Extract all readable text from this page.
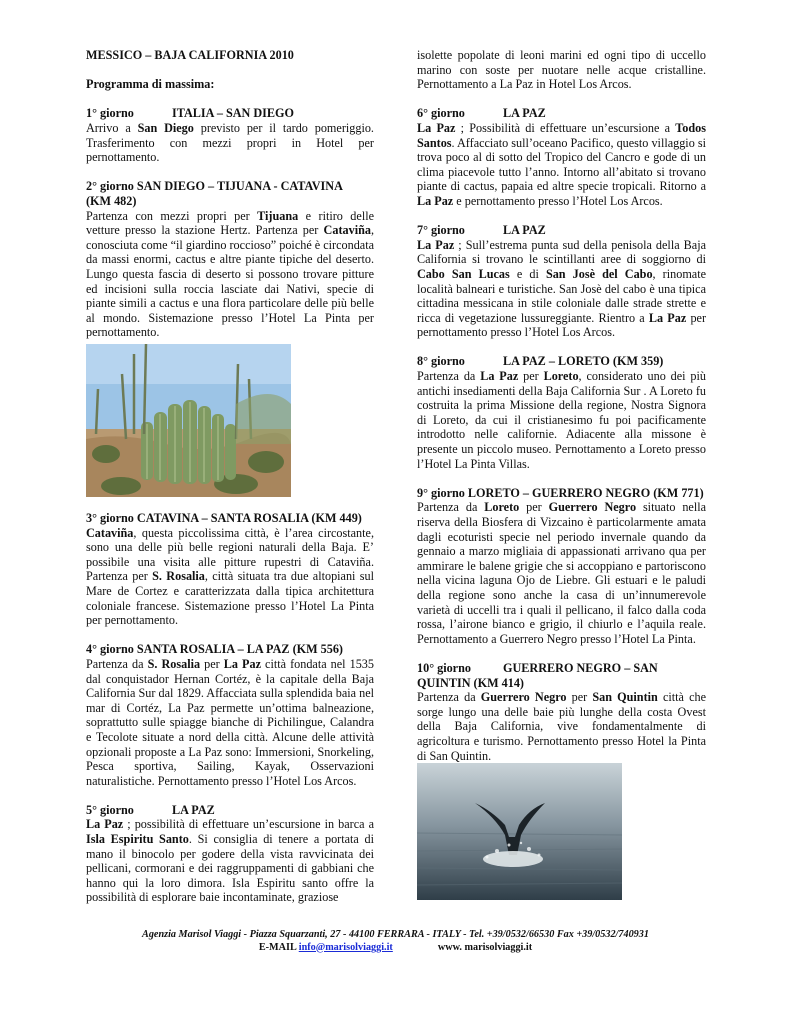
MESSICO – BAJA CALIFORNIA 2010

Programma di massima:

1° giorno	ITALIA – SAN DIEGO
Arrivo a San Diego previsto per il tardo pomeriggio. Trasferimento con mezzi propri in Hotel per pernottamento.
2° giorno SAN DIEGO – TIJUANA - CATAVINA
(KM 482)
Partenza con mezzi propri per Tijuana e ritiro delle vetture presso la stazione Hertz. Partenza per Cataviña, conosciuta come “il giardino roccioso” poiché è circondata da massi enormi, cactus e altre piante tipiche del deserto. Lungo questa fascia di deserto si possono trovare pitture ed incisioni sulla roccia lasciate dai Nativi, specie di piante simili a cactus e una flora particolare delle più belle al mondo. Sistemazione presso l’Hotel La Pinta per pernottamento.
3° giorno CATAVINA – SANTA ROSALIA (KM 449)
Cataviña, questa piccolissima città, è l’area circostante, sono una delle più belle regioni naturali della Baja. E’ possibile una visita alle pitture rupestri di Cataviña. Partenza per S. Rosalia, città situata tra due altopiani sul Mare de Cortez e caratterizzata dalla tipica architettura coloniale francese. Sistemazione presso l’Hotel La Pinta per pernottamento.
4° giorno SANTA ROSALIA – LA PAZ (KM 556)
Partenza da S. Rosalia per La Paz città fondata nel 1535 dal conquistador Hernan Cortéz, è la capitale della Baja California Sur dal 1829. Affacciata sulla splendida baia nel mar di Cortéz, La Paz permette un’ottima balneazione, soprattutto sulle spiagge bianche di Pichilingue, Calandra e Tecolote situate a nord della città. Alcune delle attività opzionali proposte a La Paz sono: Immersioni, Snorkeling, Pesca sportiva, Sailing, Kayak, Osservazioni naturalistiche. Pernottamento presso l’Hotel Los Arcos.
5° giorno	LA PAZ
La Paz ; possibilità di effettuare un’escursione in barca a Isla Espiritu Santo. Si consiglia di tenere a portata di mano il binocolo per godere della vista ravvicinata dei pellicani, cormorani e dei raggruppamenti di gabbiani che hanno qui la loro dimora. Isla Espiritu santo offre la possibilità di esplorare baie incontaminate, graziose
isolette popolate di leoni marini ed ogni tipo di uccello marino con soste per nuotare nelle acque cristalline. Pernottamento a La Paz in Hotel Los Arcos.
6° giorno	LA PAZ
La Paz ; Possibilità di effettuare un’escursione a Todos Santos. Affacciato sull’oceano Pacifico, questo villaggio si trova poco al di sotto del Tropico del Cancro e gode di un clima piacevole tutto l’anno. Intorno all’abitato si trovano piante di cactus, papaia ed altre specie tropicali. Ritorno a La Paz e pernottamento presso l’Hotel Los Arcos.
7° giorno	LA PAZ
La Paz ; Sull’estrema punta sud della penisola della Baja California si trovano le scintillanti aree di soggiorno di Cabo San Lucas e di San Josè del Cabo, rinomate località balneari e turistiche. San Josè del cabo è una tipica cittadina messicana in stile coloniale dalle strade strette e ricca di vegetazione lussureggiante. Rientro a La Paz per pernottamento presso l’Hotel Los Arcos.
8° giorno	LA PAZ – LORETO (KM 359)
Partenza da La Paz per Loreto, considerato uno dei più antichi insediamenti della Baja California Sur . A Loreto fu costruita la prima Missione della regione, Nostra Signora di Loreto, da cui il cristianesimo fu poi pacificamente introdotto nelle californie. Adiacente alla missone è presente un piccolo museo. Pernottamento a Loreto presso l’Hotel La Pinta Villas.
9° giorno LORETO – GUERRERO NEGRO (KM 771)
Partenza da Loreto per Guerrero Negro situato nella riserva della Biosfera di Vizcaino è particolarmente amata dagli ecoturisti specie nel periodo invernale quando da gennaio a marzo migliaia di appassionati arrivano qua per ammirare le balene grigie che si accoppiano e partoriscono nella vicina laguna Ojo de Liebre. Gli estuari e le paludi della regione sono anche la casa di un’innumerevole varietà di uccelli tra i quali il pellicano, il falco dalla coda rossa, l’airone bianco e grigio, il chiurlo e l’aquila reale. Pernottamento a Guerrero Negro presso l’Hotel La Pinta.
10° giorno	GUERRERO NEGRO – SAN
QUINTIN (KM 414)
Partenza da Guerrero Negro per San Quintin città che sorge lungo una delle baie più lunghe della costa Ovest della Baja California, vive fondamentalmente di agricoltura e turismo. Pernottamento presso Hotel la Pinta di San Quintin.
Agenzia Marisol Viaggi - Piazza Squarzanti, 27 - 44100 FERRARA - ITALY - Tel. +39/0532/66530 Fax +39/0532/740931
E-MAIL info@marisolviaggi.it	www. marisolviaggi.it
